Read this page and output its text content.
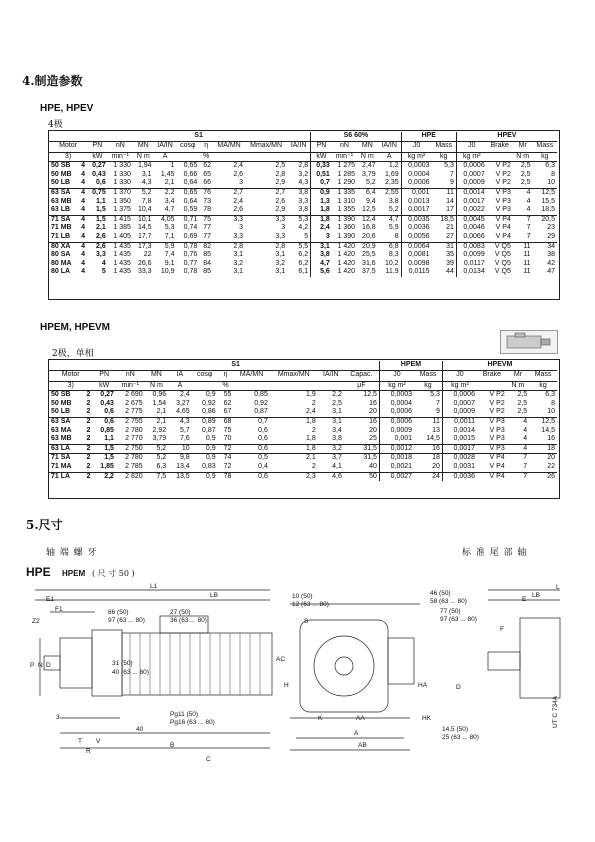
4.制造参数
HPE, HPEV
4极
		S1									S6 60%				HPE		HPEV			
Motor		PN	nN	MN	IA/IN	cosφ	η	MA/MN	Mmax/MN	IA/IN	PN	nN	MN	IA/IN	J0	Mass	J0	Brake	Mr	Mass
3)		kW	min⁻¹	N m	A		%				kW	min⁻¹	N m	A	kg m²	kg	kg m²		N m	kg
50 SB	4	0,27	1 330	1,94	1	0,65	62	2,4	2,5	2,8	0,33	1 275	2,47	1,2	0,0003	5,3	0,0006	V P2	2,5	6,3
50 MB	4	0,43	1 330	3,1	1,45	0,66	65	2,6	2,8	3,2	0,51	1 285	3,79	1,69	0,0004	7	0,0007	V P2	2,5	8
50 LB	4	0,6	1 330	4,3	2,1	0,64	66	3	2,9	4,3	0,7	1 290	5,2	2,35	0,0006	9	0,0009	V P2	2,5	10
63 SA	4	0,75	1 370	5,2	2,2	0,65	76	2,7	2,7	3,8	0,9	1 335	6,4	2,55	0,001	11	0,0014	V P3	4	12,5
63 MB	4	1,1	1 350	7,8	3,4	0,64	73	2,4	2,6	3,3	1,3	1 310	9,4	3,8	0,0013	14	0,0017	V P3	4	15,5
63 LB	4	1,5	1 375	10,4	4,7	0,59	78	2,6	2,9	3,8	1,8	1 355	12,5	5,2	0,0017	17	0,0022	V P3	4	18,5
71 SA	4	1,5	1 415	10,1	4,05	0,71	75	3,3	3,3	5,3	1,8	1 390	12,4	4,7	0,0035	18,5	0,0045	V P4	7	20,5
71 MB	4	2,1	1 385	14,5	5,3	0,74	77	3	3	4,2	2,4	1 360	16,8	5,9	0,0036	21	0,0046	V P4	7	23
71 LB	4	2,6	1 405	17,7	7,1	0,69	77	3,3	3,3	5	3	1 390	20,6	8	0,0056	27	0,0066	V P4	7	29
80 XA	4	2,6	1 435	17,3	5,9	0,78	82	2,8	2,8	5,5	3,1	1 420	20,9	6,8	0,0064	31	0,0083	V Q5	11	34
80 SA	4	3,3	1 435	22	7,4	0,76	85	3,1	3,1	6,2	3,8	1 420	25,5	8,3	0,0081	35	0,0099	V Q5	11	38
80 MA	4	4	1 435	26,6	9,1	0,77	84	3,2	3,2	6,2	4,7	1 420	31,6	10,2	0,0098	39	0,0117	V Q5	11	42
80 LA	4	5	1 435	33,3	10,9	0,78	85	3,1	3,1	6,1	5,6	1 420	37,5	11,9	0,0115	44	0,0134	V Q5	11	47
HPEM, HPEVM
2极，单相
		S1										HPEM		HPEVM			
Motor		PN	nN	MN	IA	cosφ	η	MA/MN	Mmax/MN	IA/IN	Capac.	J0	Mass	J0	Brake	Mr	Mass
3)		kW	min⁻¹	N m	A		%				μF	kg m²	kg	kg m²		N m	kg
50 SB	2	0,27	2 690	0,96	2,4	0,9	55	0,85	1,9	2,2	12,5	0,0003	5,3	0,0006	V P2	2,5	6,3
50 MB	2	0,43	2 675	1,54	3,27	0,92	62	0,92	2	2,5	16	0,0004	7	0,0007	V P2	2,5	8
50 LB	2	0,6	2 775	2,1	4,65	0,86	67	0,87	2,4	3,1	20	0,0006	9	0,0009	V P2	2,5	10
63 SA	2	0,6	2 755	2,1	4,3	0,89	68	0,7	1,8	3,1	16	0,0006	11	0,0011	V P3	4	12,5
63 MA	2	0,85	2 780	2,92	5,7	0,87	75	0,6	2	3,4	20	0,0009	13	0,0014	V P3	4	14,5
63 MB	2	1,1	2 770	3,79	7,6	0,9	70	0,6	1,8	3,8	25	0,001	14,5	0,0015	V P3	4	16
63 LA	2	1,5	2 750	5,2	10	0,9	72	0,6	1,8	3,2	31,5	0,0012	16	0,0017	V P3	4	18
71 SA	2	1,5	2 780	5,2	9,8	0,9	74	0,5	2,1	3,7	31,5	0,0018	18	0,0028	V P4	7	20
71 MA	2	1,85	2 785	6,3	13,4	0,83	72	0,4	2	4,1	40	0,0021	20	0,0031	V P4	7	22
71 LA	2	2,2	2 820	7,5	13,5	0,9	78	0,6	2,3	4,6	50	0,0027	24	0,0036	V P4	7	26
5.尺寸
轴 端 螺 牙	标 准 尾 部 轴
HPE HPEM ( 尺 寸 50 )
L1
LB
E1
F1
Z2
86 (50)
97 (63 ... 80)
27 (50)
36 (63 ... 80)
31 (50)
40 (63 ... 80)
P N D
3
40
T V
R
B
C
Pg11 (50)
Pg16 (63 ... 80)
10 (50)
12 (63 ... 80)
S
AC
H
K	AA
A
AB
HA
HK
46 (50)
58 (63 ... 80)
77 (50)
97 (63 ... 80)
14,5 (50)
25 (63 ... 80)
L
LB
E
F
D
UT C 734A
